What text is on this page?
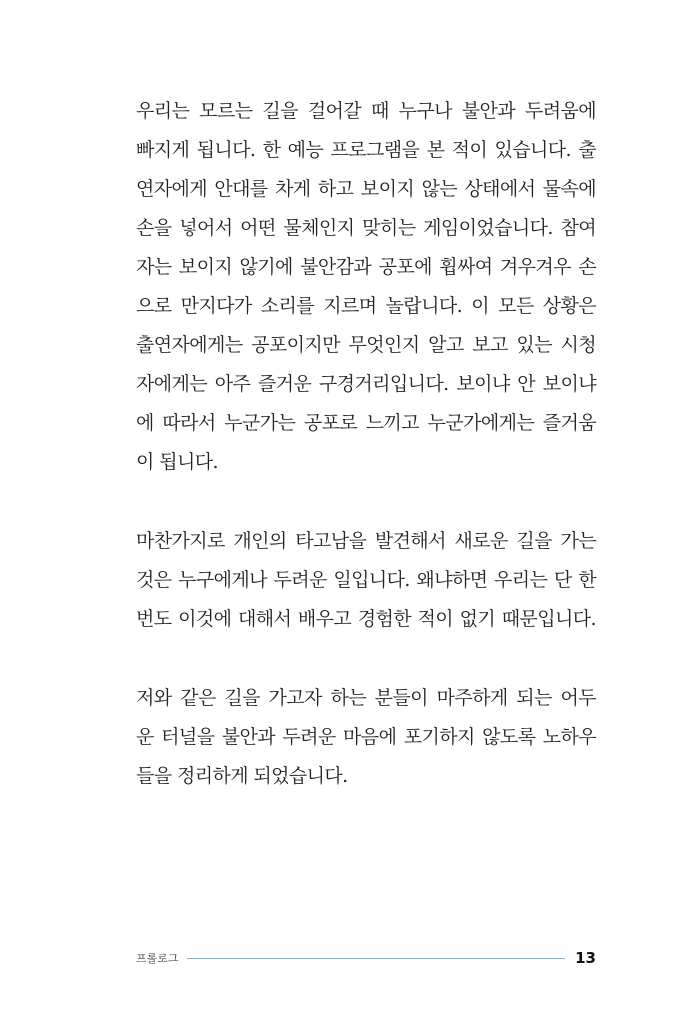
우리는 모르는 길을 걸어갈 때 누구나 불안과 두려움에
빠지게 됩니다. 한 예능 프로그램을 본 적이 있습니다. 출
연자에게 안대를 차게 하고 보이지 않는 상태에서 물속에
손을 넣어서 어떤 물체인지 맞히는 게임이었습니다. 참여
자는 보이지 않기에 불안감과 공포에 휩싸여 겨우겨우 손
으로 만지다가 소리를 지르며 놀랍니다. 이 모든 상황은
출연자에게는 공포이지만 무엇인지 알고 보고 있는 시청
자에게는 아주 즐거운 구경거리입니다. 보이냐 안 보이냐
에 따라서 누군가는 공포로 느끼고 누군가에게는 즐거움
이 됩니다.
마찬가지로 개인의 타고남을 발견해서 새로운 길을 가는
것은 누구에게나 두려운 일입니다. 왜냐하면 우리는 단 한
번도 이것에 대해서 배우고 경험한 적이 없기 때문입니다.
저와 같은 길을 가고자 하는 분들이 마주하게 되는 어두
운 터널을 불안과 두려운 마음에 포기하지 않도록 노하우
들을 정리하게 되었습니다.
프롤로그	13
